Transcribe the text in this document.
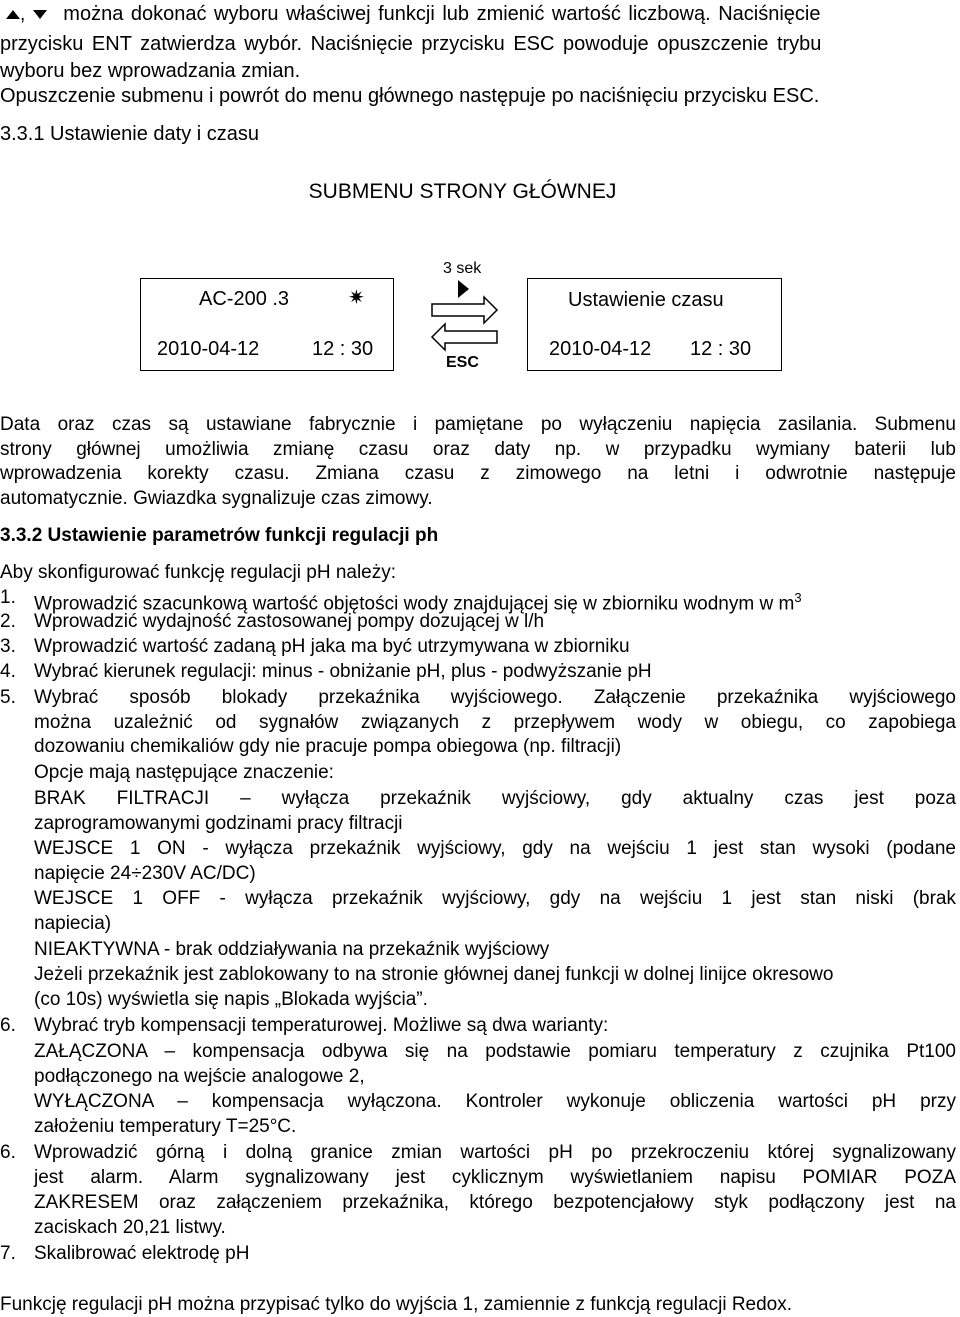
, można dokonać wyboru właściwej funkcji lub zmienić wartość liczbową. Naciśnięcie
przycisku ENT zatwierdza wybór. Naciśnięcie przycisku ESC powoduje opuszczenie trybu
wyboru bez wprowadzania zmian.
Opuszczenie submenu i powrót do menu głównego następuje po naciśnięciu przycisku ESC.
3.3.1 Ustawienie daty i czasu
SUBMENU STRONY GŁÓWNEJ
AC-200 .3	✷
2010-04-12	12 : 30
3 sek
ESC
Ustawienie czasu
2010-04-12 12 : 30
Data oraz czas są ustawiane fabrycznie i pamiętane po wyłączeniu napięcia zasilania. Submenu
strony głównej umożliwia zmianę czasu oraz daty np. w przypadku wymiany baterii lub
wprowadzenia korekty czasu. Zmiana czasu z zimowego na letni i odwrotnie następuje
automatycznie. Gwiazdka sygnalizuje czas zimowy.
3.3.2 Ustawienie parametrów funkcji regulacji ph
Aby skonfigurować funkcję regulacji pH należy:
1. Wprowadzić szacunkową wartość objętości wody znajdującej się w zbiorniku wodnym w $m^3$
2. Wprowadzić wydajność zastosowanej pompy dozującej w l/h
3. Wprowadzić wartość zadaną pH jaka ma być utrzymywana w zbiorniku
4. Wybrać kierunek regulacji: minus - obniżanie pH, plus - podwyższanie pH
5. Wybrać sposób blokady przekaźnika wyjściowego. Załączenie przekaźnika wyjściowego
można uzależnić od sygnałów związanych z przepływem wody w obiegu, co zapobiega
dozowaniu chemikaliów gdy nie pracuje pompa obiegowa (np. filtracji)
Opcje mają następujące znaczenie:
BRAK FILTRACJI – wyłącza przekaźnik wyjściowy, gdy aktualny czas jest poza
zaprogramowanymi godzinami pracy filtracji
WEJSCE 1 ON - wyłącza przekaźnik wyjściowy, gdy na wejściu 1 jest stan wysoki (podane
napięcie 24÷230V AC/DC)
WEJSCE 1 OFF - wyłącza przekaźnik wyjściowy, gdy na wejściu 1 jest stan niski (brak
napiecia)
NIEAKTYWNA - brak oddziaływania na przekaźnik wyjściowy
Jeżeli przekaźnik jest zablokowany to na stronie głównej danej funkcji w dolnej linijce okresowo
(co 10s) wyświetla się napis „Blokada wyjścia”.
6. Wybrać tryb kompensacji temperaturowej. Możliwe są dwa warianty:
ZAŁĄCZONA – kompensacja odbywa się na podstawie pomiaru temperatury z czujnika Pt100
podłączonego na wejście analogowe 2,
WYŁĄCZONA – kompensacja wyłączona. Kontroler wykonuje obliczenia wartości pH przy
założeniu temperatury T=25°C.
6. Wprowadzić górną i dolną granice zmian wartości pH po przekroczeniu której sygnalizowany
jest alarm. Alarm sygnalizowany jest cyklicznym wyświetlaniem napisu POMIAR POZA
ZAKRESEM oraz załączeniem przekaźnika, którego bezpotencjałowy styk podłączony jest na
zaciskach 20,21 listwy.
7. Skalibrować elektrodę pH
Funkcję regulacji pH można przypisać tylko do wyjścia 1, zamiennie z funkcją regulacji Redox.
